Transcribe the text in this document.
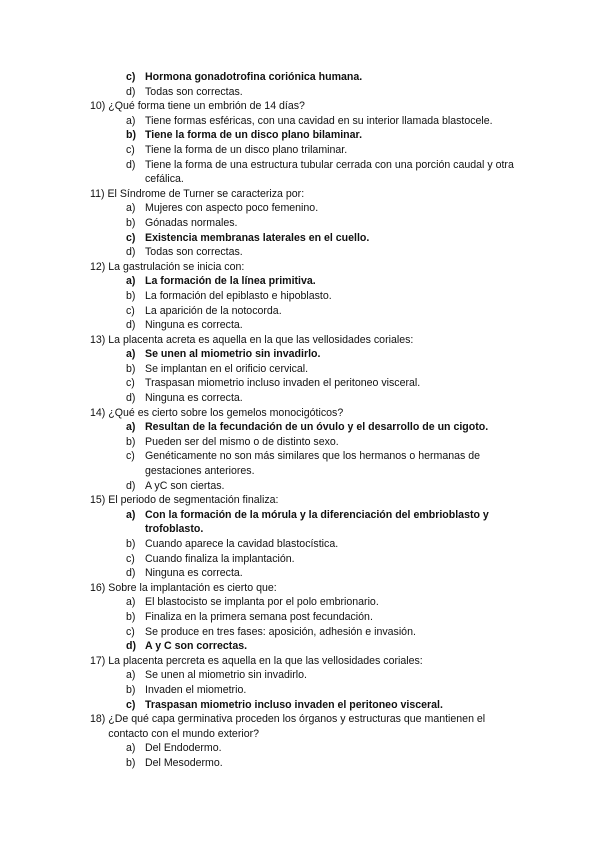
c) Hormona gonadotrofina coriónica humana.
d) Todas son correctas.
10)
¿Qué forma tiene un embrión de 14 días?
a) Tiene formas esféricas, con una cavidad en su interior llamada blastocele.
b) Tiene la forma de un disco plano bilaminar.
c) Tiene la forma de un disco plano trilaminar.
d) Tiene la forma de una estructura tubular cerrada con una porción caudal y otra cefálica.
11)
El Síndrome de Turner se caracteriza por:
a) Mujeres con aspecto poco femenino.
b) Gónadas normales.
c) Existencia membranas laterales en el cuello.
d) Todas son correctas.
12)
La gastrulación se inicia con:
a) La formación de la línea primitiva.
b) La formación del epiblasto e hipoblasto.
c) La aparición de la notocorda.
d) Ninguna es correcta.
13)
La placenta acreta es aquella en la que las vellosidades coriales:
a) Se unen al miometrio sin invadirlo.
b) Se implantan en el orificio cervical.
c) Traspasan miometrio incluso invaden el peritoneo visceral.
d) Ninguna es correcta.
14)
¿Qué es cierto sobre los gemelos monocigóticos?
a) Resultan de la fecundación de un óvulo y el desarrollo de un cigoto.
b) Pueden ser del mismo o de distinto sexo.
c) Genéticamente no son más similares que los hermanos o hermanas de gestaciones anteriores.
d) A yC son ciertas.
15)
El periodo de segmentación finaliza:
a) Con la formación de la mórula y la diferenciación del embrioblasto y trofoblasto.
b) Cuando aparece la cavidad blastocística.
c) Cuando finaliza la implantación.
d) Ninguna es correcta.
16)
Sobre la implantación es cierto que:
a) El blastocisto se implanta por el polo embrionario.
b) Finaliza en la primera semana post fecundación.
c) Se produce en tres fases: aposición, adhesión e invasión.
d) A y C son correctas.
17)
La placenta percreta es aquella en la que las vellosidades coriales:
a) Se unen al miometrio sin invadirlo.
b) Invaden el miometrio.
c) Traspasan miometrio incluso invaden el peritoneo visceral.
18)
¿De qué capa germinativa proceden los órganos y estructuras que mantienen el contacto con el mundo exterior?
a) Del Endodermo.
b) Del Mesodermo.
